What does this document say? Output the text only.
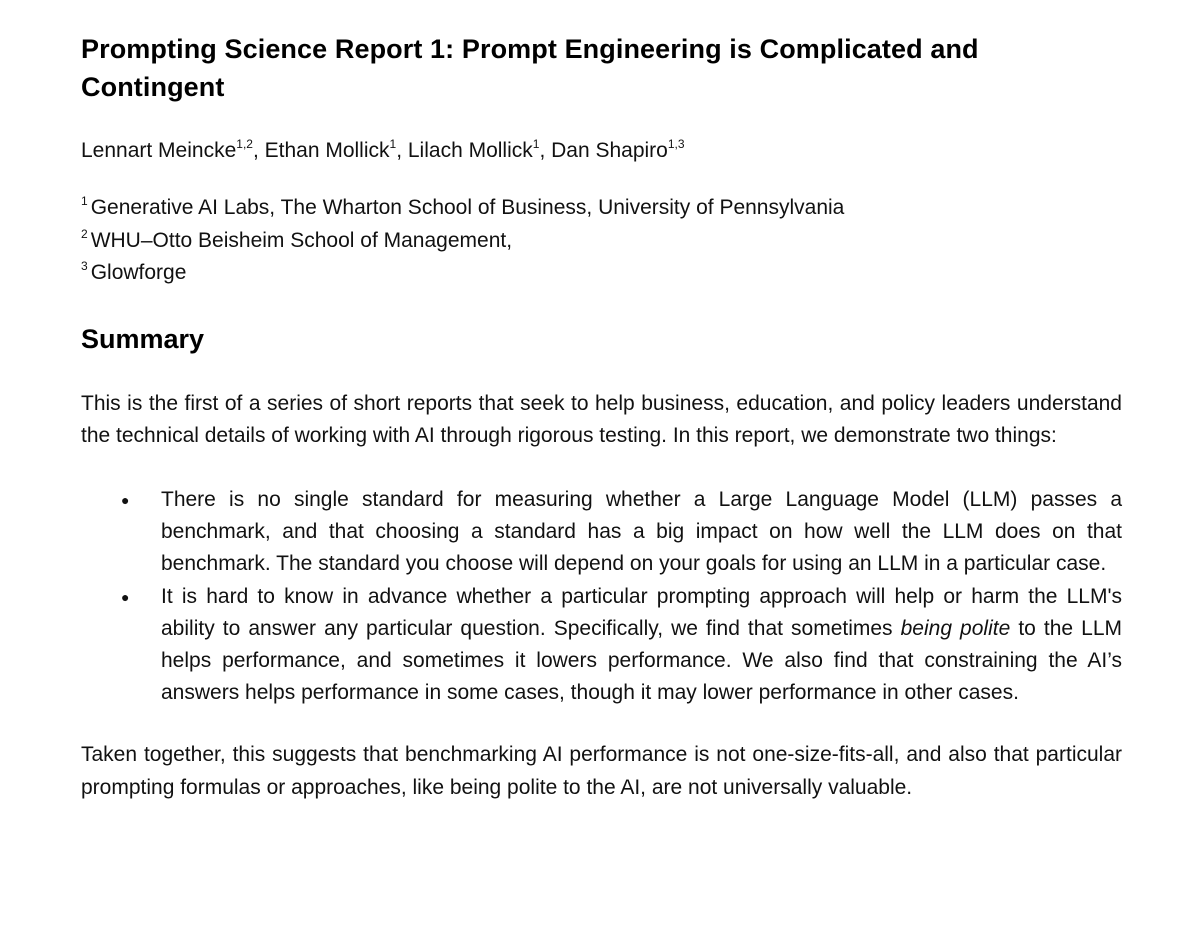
Prompting Science Report 1: Prompt Engineering is Complicated and Contingent
Lennart Meincke$^{1,2}$, Ethan Mollick$^1$, Lilach Mollick$^1$, Dan Shapiro$^{1,3}$
$^1$ Generative AI Labs, The Wharton School of Business, University of Pennsylvania
$^2$ WHU–Otto Beisheim School of Management,
$^3$ Glowforge
Summary

This is the first of a series of short reports that seek to help business, education, and policy leaders understand the technical details of working with AI through rigorous testing. In this report, we demonstrate two things:

● There is no single standard for measuring whether a Large Language Model (LLM) passes a benchmark, and that choosing a standard has a big impact on how well the LLM does on that benchmark. The standard you choose will depend on your goals for using an LLM in a particular case.
● It is hard to know in advance whether a particular prompting approach will help or harm the LLM's ability to answer any particular question. Specifically, we find that sometimes being polite to the LLM helps performance, and sometimes it lowers performance. We also find that constraining the AI’s answers helps performance in some cases, though it may lower performance in other cases.

Taken together, this suggests that benchmarking AI performance is not one-size-fits-all, and also that particular prompting formulas or approaches, like being polite to the AI, are not universally valuable.
